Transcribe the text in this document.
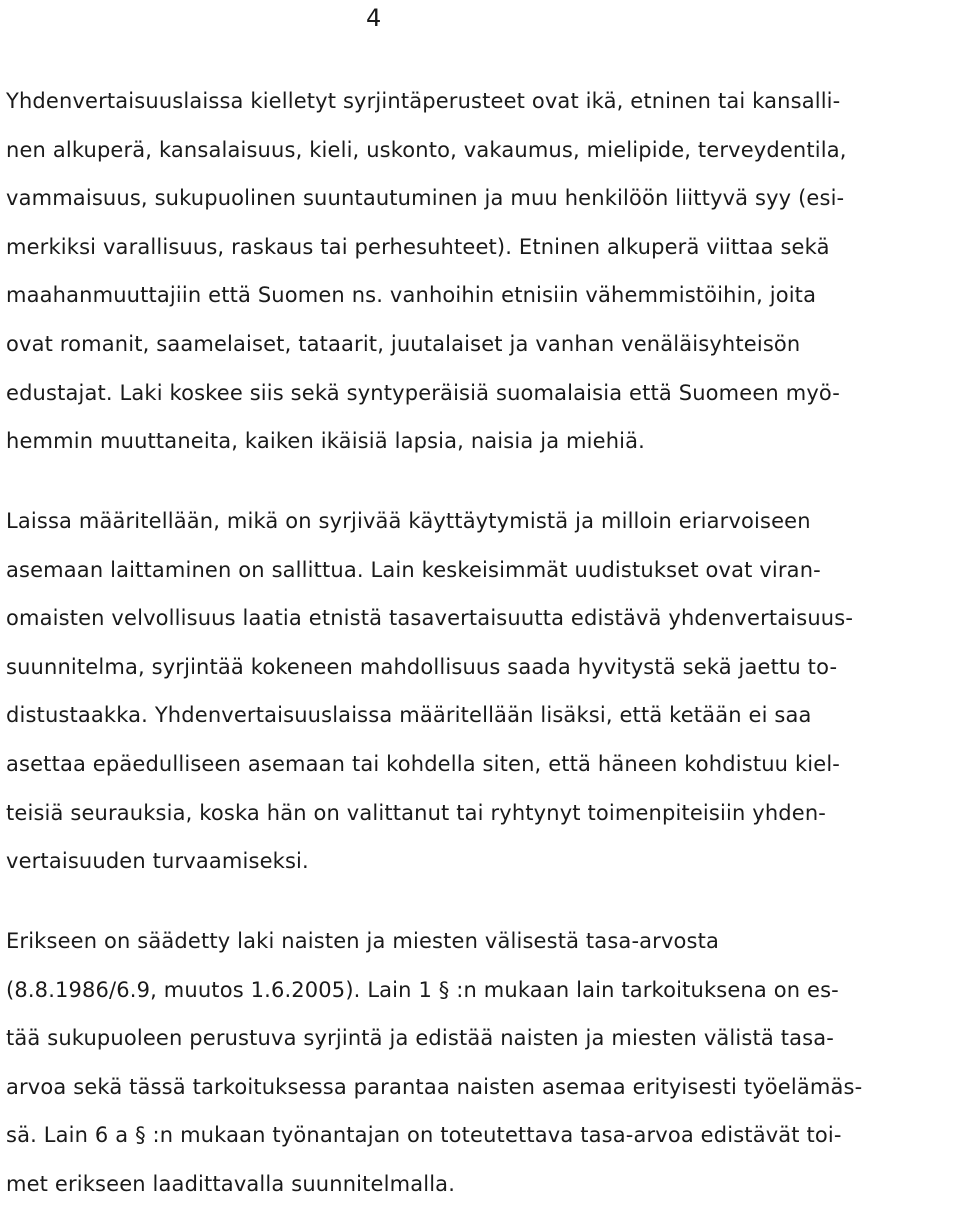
4
Yhdenvertaisuuslaissa kielletyt syrjintäperusteet ovat ikä, etninen tai kansalli-
nen alkuperä, kansalaisuus, kieli, uskonto, vakaumus, mielipide, terveydentila,
vammaisuus, sukupuolinen suuntautuminen ja muu henkilöön liittyvä syy (esi-
merkiksi varallisuus, raskaus tai perhesuhteet). Etninen alkuperä viittaa sekä
maahanmuuttajiin että Suomen ns. vanhoihin etnisiin vähemmistöihin, joita
ovat romanit, saamelaiset, tataarit, juutalaiset ja vanhan venäläisyhteisön
edustajat. Laki koskee siis sekä syntyperäisiä suomalaisia että Suomeen myö-
hemmin muuttaneita, kaiken ikäisiä lapsia, naisia ja miehiä.
Laissa määritellään, mikä on syrjivää käyttäytymistä ja milloin eriarvoiseen
asemaan laittaminen on sallittua. Lain keskeisimmät uudistukset ovat viran-
omaisten velvollisuus laatia etnistä tasavertaisuutta edistävä yhdenvertaisuus-
suunnitelma, syrjintää kokeneen mahdollisuus saada hyvitystä sekä jaettu to-
distustaakka. Yhdenvertaisuuslaissa määritellään lisäksi, että ketään ei saa
asettaa epäedulliseen asemaan tai kohdella siten, että häneen kohdistuu kiel-
teisiä seurauksia, koska hän on valittanut tai ryhtynyt toimenpiteisiin yhden-
vertaisuuden turvaamiseksi.
Erikseen on säädetty laki naisten ja miesten välisestä tasa-arvosta
(8.8.1986/6.9, muutos 1.6.2005). Lain 1 § :n mukaan lain tarkoituksena on es-
tää sukupuoleen perustuva syrjintä ja edistää naisten ja miesten välistä tasa-
arvoa sekä tässä tarkoituksessa parantaa naisten asemaa erityisesti työelämäs-
sä. Lain 6 a § :n mukaan työnantajan on toteutettava tasa-arvoa edistävät toi-
met erikseen laadittavalla suunnitelmalla.
